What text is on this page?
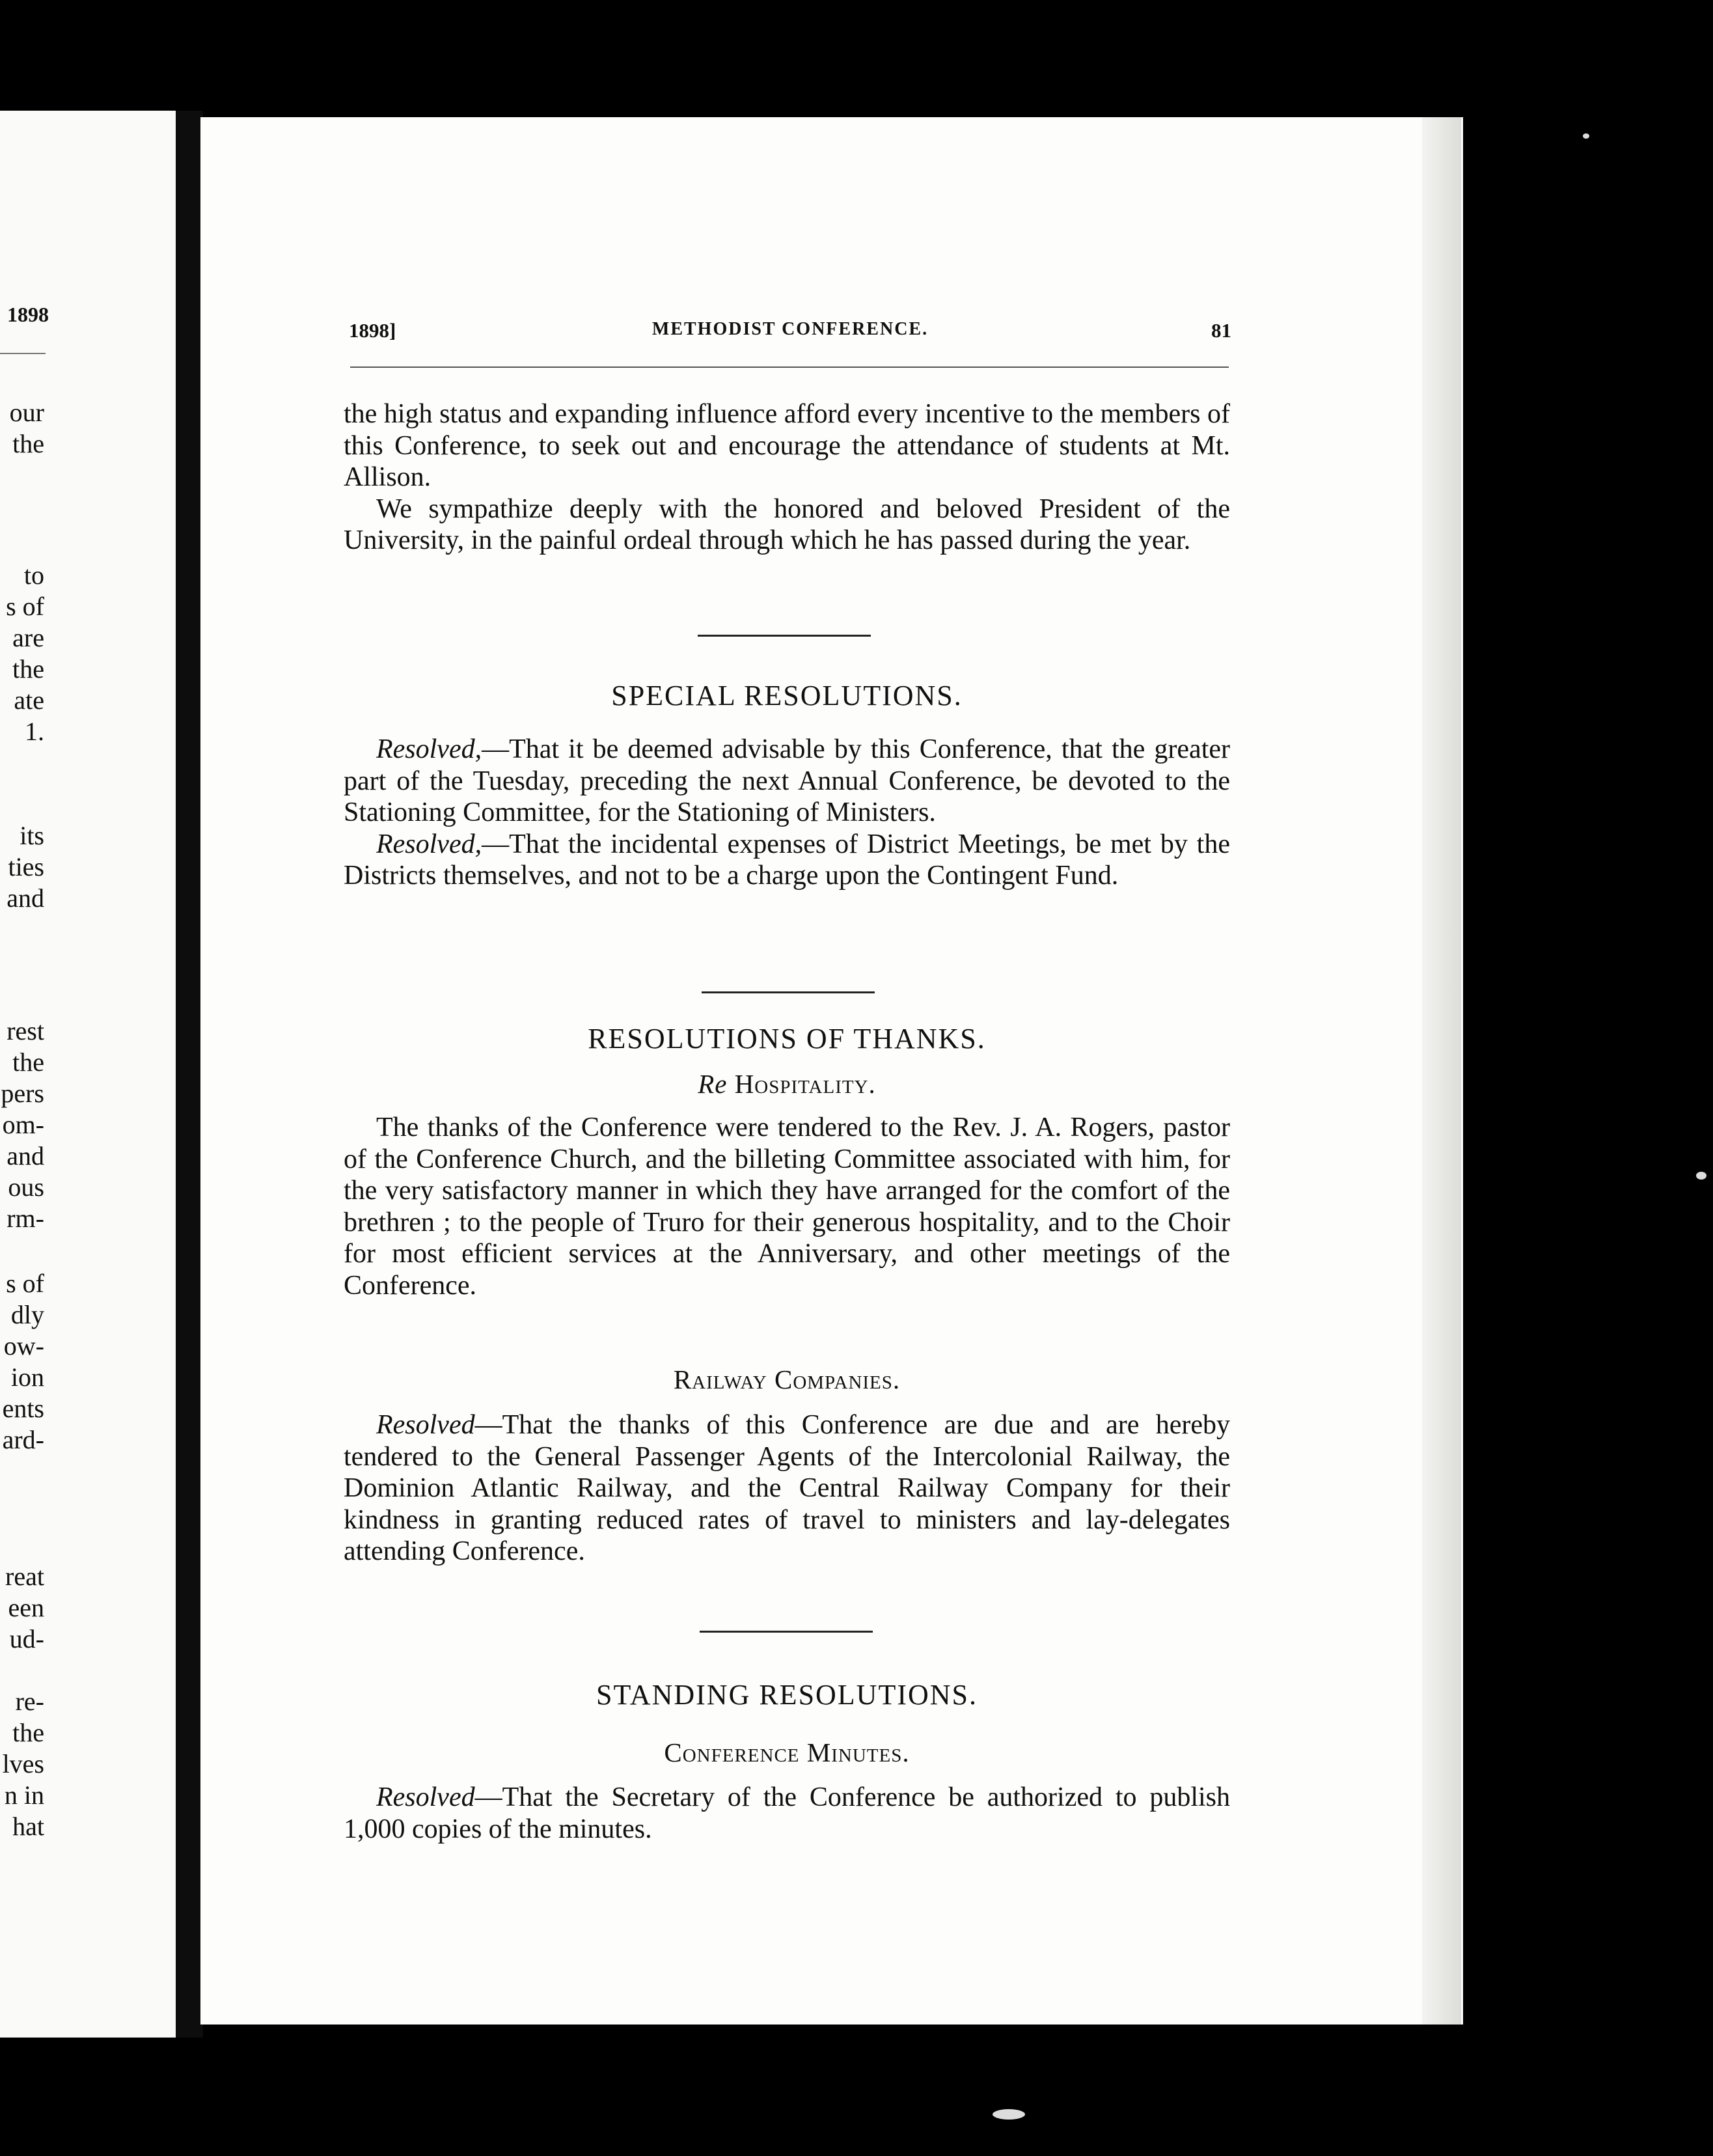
1898
our
the
to
s of
are
the
ate
1.
its
ties
and
rest
the
pers
om-
and
ous
rm-
s of
dly
ow-
ion
ents
ard-
reat
een
ud-
re-
the
lves
n in
hat
1898]	METHODIST CONFERENCE.	81

the high status and expanding influence afford every incentive to the members of this Conference, to seek out and encourage the attendance of students at Mt. Allison.

We sympathize deeply with the honored and beloved President of the University, in the painful ordeal through which he has passed during the year.

SPECIAL RESOLUTIONS.

Resolved,—That it be deemed advisable by this Conference, that the greater part of the Tuesday, preceding the next Annual Conference, be devoted to the Stationing Committee, for the Stationing of Ministers.

Resolved,—That the incidental expenses of District Meetings, be met by the Districts themselves, and not to be a charge upon the Contingent Fund.

RESOLUTIONS OF THANKS.
Re Hospitality.

The thanks of the Conference were tendered to the Rev. J. A. Rogers, pastor of the Conference Church, and the billeting Committee associated with him, for the very satisfactory manner in which they have arranged for the comfort of the brethren ; to the people of Truro for their generous hospitality, and to the Choir for most efficient services at the Anniversary, and other meetings of the Conference.

Railway Companies.

Resolved—That the thanks of this Conference are due and are hereby tendered to the General Passenger Agents of the Intercolonial Railway, the Dominion Atlantic Railway, and the Central Railway Company for their kindness in granting reduced rates of travel to ministers and lay-delegates attending Conference.

STANDING RESOLUTIONS.
Conference Minutes.

Resolved—That the Secretary of the Conference be authorized to publish 1,000 copies of the minutes.
